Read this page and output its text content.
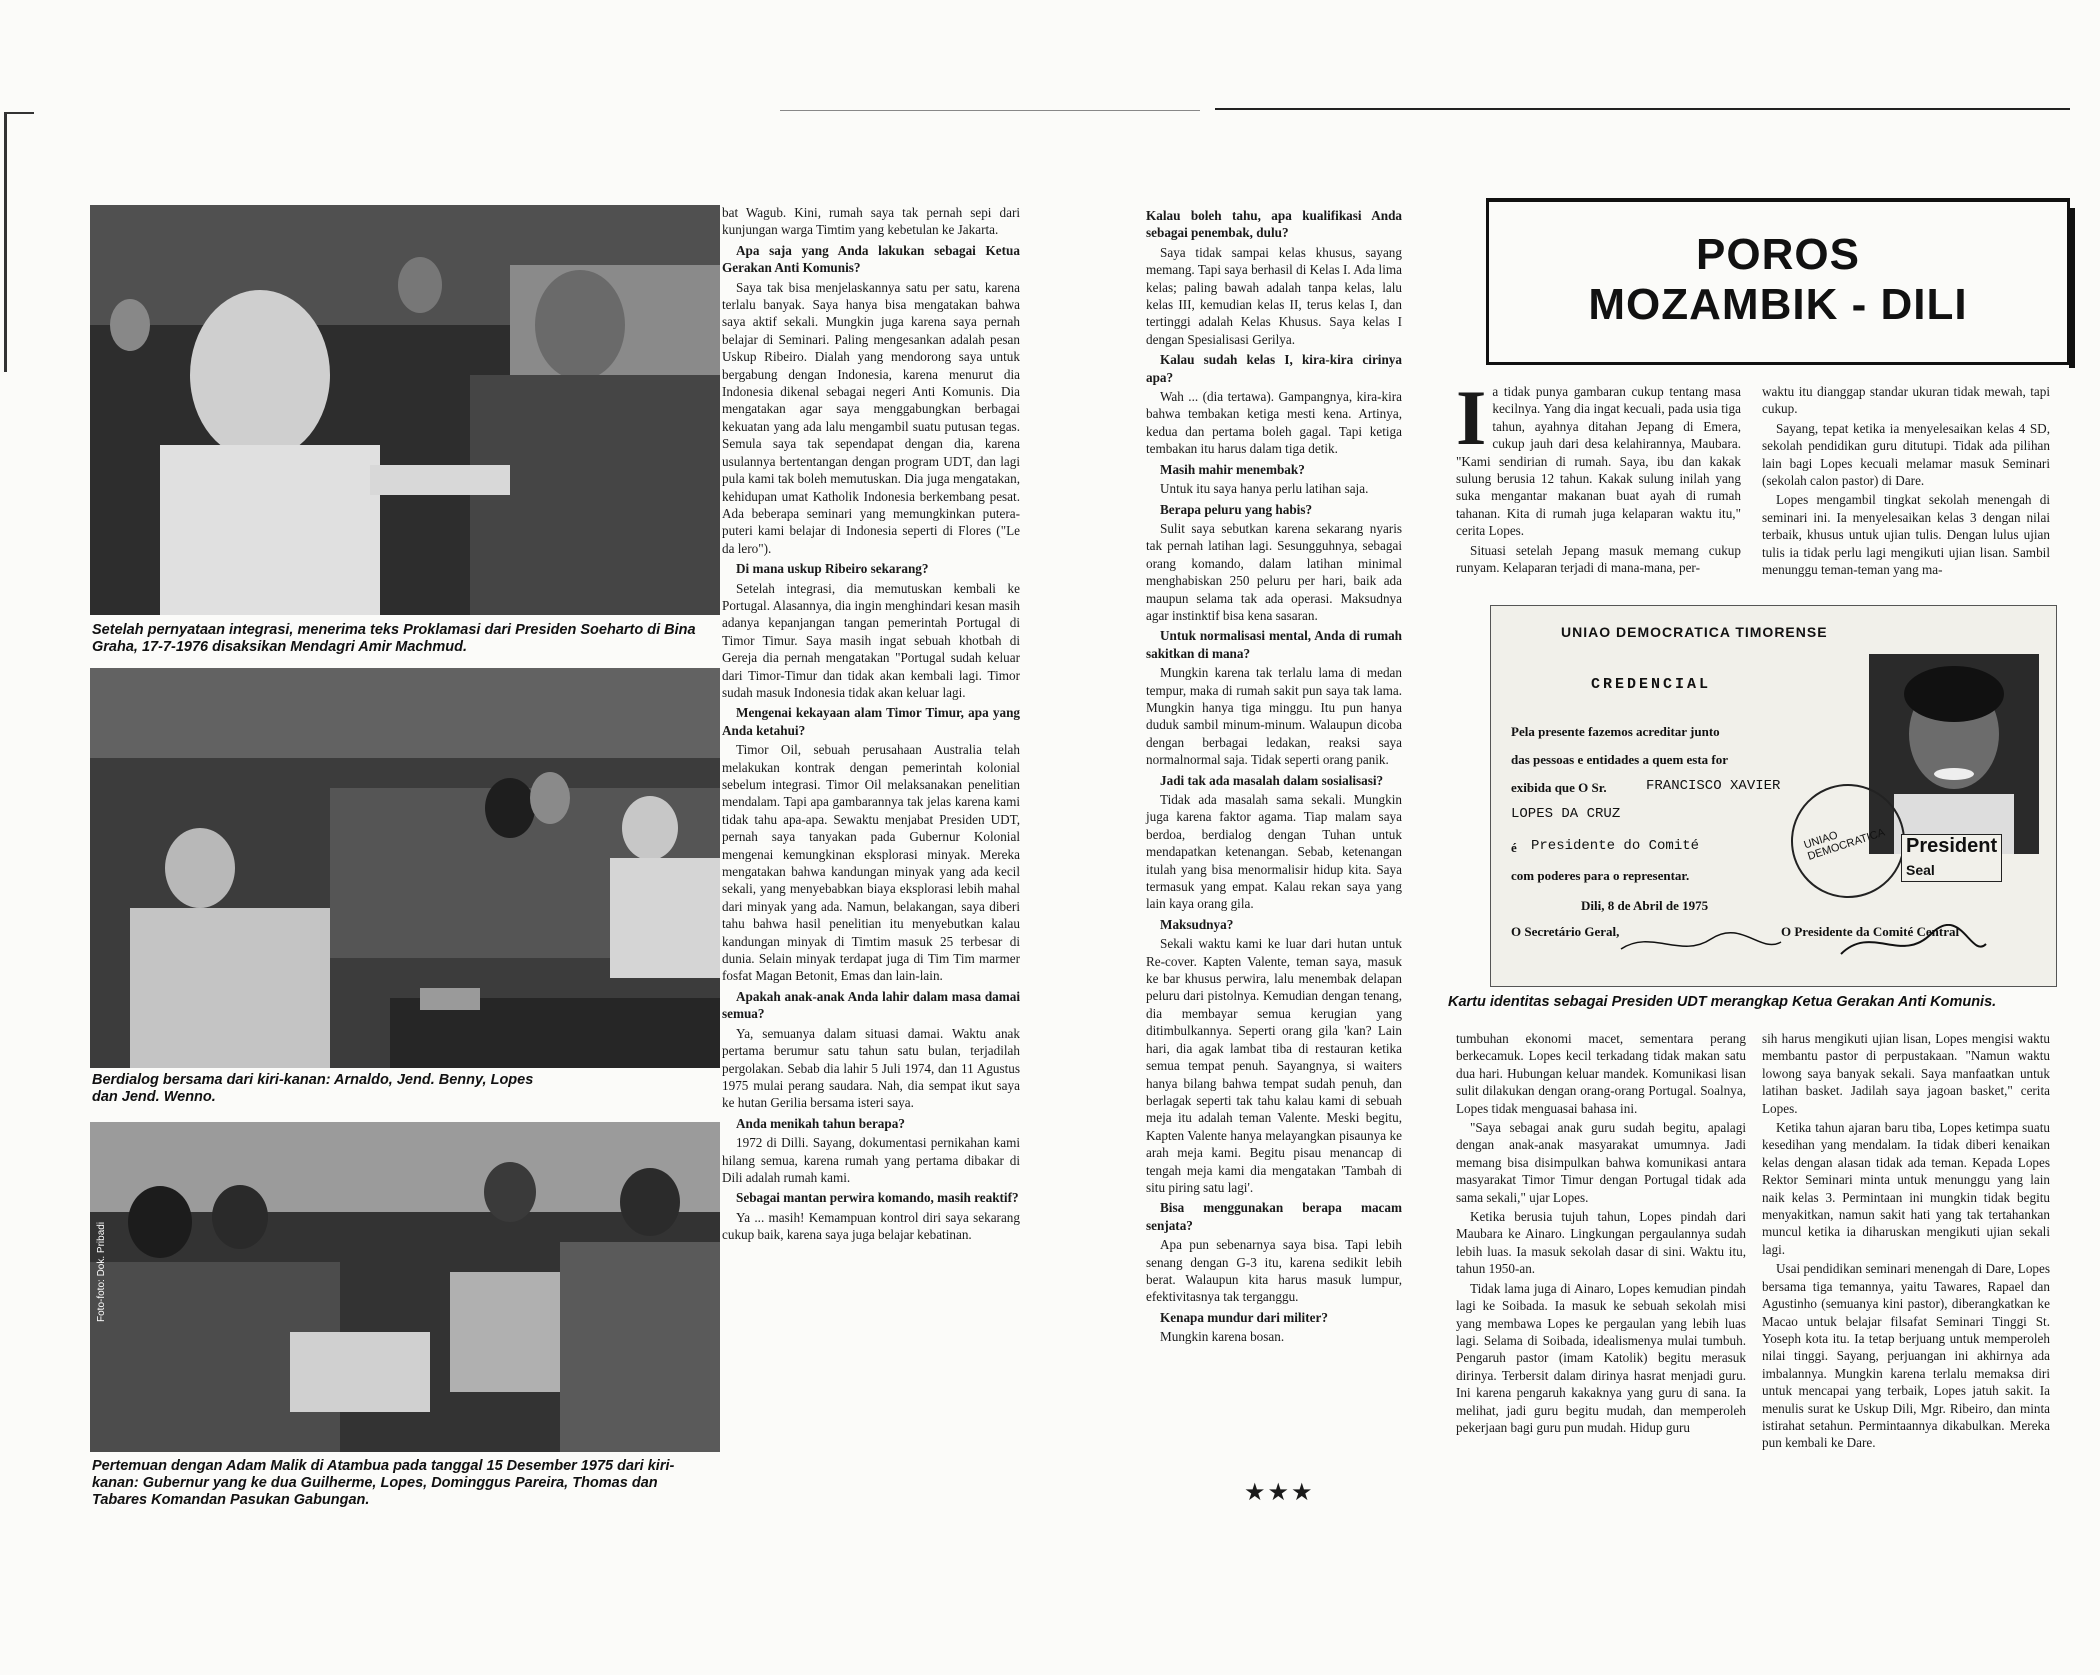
Setelah pernyataan integrasi, menerima teks Proklamasi dari Presiden Soeharto di Bina Graha, 17-7-1976 disaksikan Mendagri Amir Machmud.
Berdialog bersama dari kiri-kanan: Arnaldo, Jend. Benny, Lopes dan Jend. Wenno.
Pertemuan dengan Adam Malik di Atambua pada tanggal 15 Desember 1975 dari kiri-kanan: Gubernur yang ke dua Guilherme, Lopes, Dominggus Pareira, Thomas dan Tabares Komandan Pasukan Gabungan.

bat Wagub. Kini, rumah saya tak pernah sepi dari kunjungan warga Timtim yang kebetulan ke Jakarta.

Apa saja yang Anda lakukan sebagai Ketua Gerakan Anti Komunis?

Saya tak bisa menjelaskannya satu per satu, karena terlalu banyak. Saya hanya bisa mengatakan bahwa saya aktif sekali. Mungkin juga karena saya pernah belajar di Seminari. Paling mengesankan adalah pesan Uskup Ribeiro. Dialah yang mendorong saya untuk bergabung dengan Indonesia, karena menurut dia Indonesia dikenal sebagai negeri Anti Komunis. Dia mengatakan agar saya menggabungkan berbagai kekuatan yang ada lalu mengambil suatu putusan tegas. Semula saya tak sependapat dengan dia, karena usulannya bertentangan dengan program UDT, dan lagi pula kami tak boleh memutuskan. Dia juga mengatakan, kehidupan umat Katholik Indonesia berkembang pesat. Ada beberapa seminari yang memungkinkan putera-puteri kami belajar di Indonesia seperti di Flores ("Le da lero").

Di mana uskup Ribeiro sekarang?

Setelah integrasi, dia memutuskan kembali ke Portugal. Alasannya, dia ingin menghindari kesan masih adanya kepanjangan tangan pemerintah Portugal di Timor Timur. Saya masih ingat sebuah khotbah di Gereja dia pernah mengatakan "Portugal sudah keluar dari Timor-Timur dan tidak akan kembali lagi. Timor sudah masuk Indonesia tidak akan keluar lagi.

Mengenai kekayaan alam Timor Timur, apa yang Anda ketahui?

Timor Oil, sebuah perusahaan Australia telah melakukan kontrak dengan pemerintah kolonial sebelum integrasi. Timor Oil melaksanakan penelitian mendalam. Tapi apa gambarannya tak jelas karena kami tidak tahu apa-apa. Sewaktu menjabat Presiden UDT, pernah saya tanyakan pada Gubernur Kolonial mengenai kemungkinan eksplorasi minyak. Mereka mengatakan bahwa kandungan minyak yang ada kecil sekali, yang menyebabkan biaya eksplorasi lebih mahal dari minyak yang ada. Namun, belakangan, saya diberi tahu bahwa hasil penelitian itu menyebutkan kalau kandungan minyak di Timtim masuk 25 terbesar di dunia. Selain minyak terdapat juga di Tim Tim marmer fosfat Magan Betonit, Emas dan lain-lain.

Apakah anak-anak Anda lahir dalam masa damai semua?

Ya, semuanya dalam situasi damai. Waktu anak pertama berumur satu tahun satu bulan, terjadilah pergolakan. Sebab dia lahir 5 Juli 1974, dan 11 Agustus 1975 mulai perang saudara. Nah, dia sempat ikut saya ke hutan Gerilia bersama isteri saya.

Anda menikah tahun berapa?

1972 di Dilli. Sayang, dokumentasi pernikahan kami hilang semua, karena rumah yang pertama dibakar di Dili adalah rumah kami.

Sebagai mantan perwira komando, masih reaktif?

Ya ... masih! Kemampuan kontrol diri saya sekarang cukup baik, karena saya juga belajar kebatinan.

Kalau boleh tahu, apa kualifikasi Anda sebagai penembak, dulu?

Saya tidak sampai kelas khusus, sayang memang. Tapi saya berhasil di Kelas I. Ada lima kelas; paling bawah adalah tanpa kelas, lalu kelas III, kemudian kelas II, terus kelas I, dan tertinggi adalah Kelas Khusus. Saya kelas I dengan Spesialisasi Gerilya.

Kalau sudah kelas I, kira-kira cirinya apa?

Wah ... (dia tertawa). Gampangnya, kira-kira bahwa tembakan ketiga mesti kena. Artinya, kedua dan pertama boleh gagal. Tapi ketiga tembakan itu harus dalam tiga detik.

Masih mahir menembak?

Untuk itu saya hanya perlu latihan saja.

Berapa peluru yang habis?

Sulit saya sebutkan karena sekarang nyaris tak pernah latihan lagi. Sesungguhnya, sebagai orang komando, dalam latihan minimal menghabiskan 250 peluru per hari, baik ada maupun selama tak ada operasi. Maksudnya agar instinktif bisa kena sasaran.

Untuk normalisasi mental, Anda di rumah sakitkan di mana?

Mungkin karena tak terlalu lama di medan tempur, maka di rumah sakit pun saya tak lama. Mungkin hanya tiga minggu. Itu pun hanya duduk sambil minum-minum. Walaupun dicoba dengan berbagai ledakan, reaksi saya normalnormal saja. Tidak seperti orang panik.

Jadi tak ada masalah dalam sosialisasi?

Tidak ada masalah sama sekali. Mungkin juga karena faktor agama. Tiap malam saya berdoa, berdialog dengan Tuhan untuk mendapatkan ketenangan. Sebab, ketenangan itulah yang bisa menormalisir hidup kita. Saya termasuk yang empat. Kalau rekan saya yang lain kaya orang gila.

Maksudnya?

Sekali waktu kami ke luar dari hutan untuk Re-cover. Kapten Valente, teman saya, masuk ke bar khusus perwira, lalu menembak delapan peluru dari pistolnya. Kemudian dengan tenang, dia membayar semua kerugian yang ditimbulkannya. Seperti orang gila 'kan? Lain hari, dia agak lambat tiba di restauran ketika semua tempat penuh. Sayangnya, si waiters hanya bilang bahwa tempat sudah penuh, dan berlagak seperti tak tahu kalau kami di sebuah meja itu adalah teman Valente. Meski begitu, Kapten Valente hanya melayangkan pisaunya ke arah meja kami. Begitu pisau menancap di tengah meja kami dia mengatakan 'Tambah di situ piring satu lagi'.

Bisa menggunakan berapa macam senjata?

Apa pun sebenarnya saya bisa. Tapi lebih senang dengan G-3 itu, karena sedikit lebih berat. Walaupun kita harus masuk lumpur, efektivitasnya tak terganggu.

Kenapa mundur dari militer?

Mungkin karena bosan.

★★★
POROS
MOZAMBIK - DILI

Ia tidak punya gambaran cukup tentang masa kecilnya. Yang dia ingat kecuali, pada usia tiga tahun, ayahnya ditahan Jepang di Emera, cukup jauh dari desa kelahirannya, Maubara. "Kami sendirian di rumah. Saya, ibu dan kakak sulung berusia 12 tahun. Kakak sulung inilah yang suka mengantar makanan buat ayah di rumah tahanan. Kita di rumah juga kelaparan waktu itu," cerita Lopes.

Situasi setelah Jepang masuk memang cukup runyam. Kelaparan terjadi di mana-mana, per-

waktu itu dianggap standar ukuran tidak mewah, tapi cukup.

Sayang, tepat ketika ia menyelesaikan kelas 4 SD, sekolah pendidikan guru ditutupi. Tidak ada pilihan lain bagi Lopes kecuali melamar masuk Seminari (sekolah calon pastor) di Dare.

Lopes mengambil tingkat sekolah menengah di seminari ini. Ia menyelesaikan kelas 3 dengan nilai terbaik, khusus untuk ujian tulis. Dengan lulus ujian tulis ia tidak perlu lagi mengikuti ujian lisan. Sambil menunggu teman-teman yang ma-

UNIAO DEMOCRATICA TIMORENSE
CREDENCIAL
Pela presente fazemos acreditar junto
das pessoas e entidades a quem esta for
exibida que O Sr.	FRANCISCO XAVIER
LOPES DA CRUZ
é Presidente do Comité
com poderes para o representar.
Dili, 8 de Abril de 1975
O Secretário Geral,	O Presidente da Comité Central
UNIAO DEMOCRATICA President
Seal
Kartu identitas sebagai Presiden UDT merangkap Ketua Gerakan Anti Komunis.

tumbuhan ekonomi macet, sementara perang berkecamuk. Lopes kecil terkadang tidak makan satu dua hari. Hubungan keluar mandek. Komunikasi lisan sulit dilakukan dengan orang-orang Portugal. Soalnya, Lopes tidak menguasai bahasa ini.

"Saya sebagai anak guru sudah begitu, apalagi dengan anak-anak masyarakat umumnya. Jadi memang bisa disimpulkan bahwa komunikasi antara masyarakat Timor Timur dengan Portugal tidak ada sama sekali," ujar Lopes.

Ketika berusia tujuh tahun, Lopes pindah dari Maubara ke Ainaro. Lingkungan pergaulannya sudah lebih luas. Ia masuk sekolah dasar di sini. Waktu itu, tahun 1950-an.

Tidak lama juga di Ainaro, Lopes kemudian pindah lagi ke Soibada. Ia masuk ke sebuah sekolah misi yang membawa Lopes ke pergaulan yang lebih luas lagi. Selama di Soibada, idealismenya mulai tumbuh. Pengaruh pastor (imam Katolik) begitu merasuk dirinya. Terbersit dalam dirinya hasrat menjadi guru. Ini karena pengaruh kakaknya yang guru di sana. Ia melihat, jadi guru begitu mudah, dan memperoleh pekerjaan bagi guru pun mudah. Hidup guru

sih harus mengikuti ujian lisan, Lopes mengisi waktu membantu pastor di perpustakaan. "Namun waktu lowong saya banyak sekali. Saya manfaatkan untuk latihan basket. Jadilah saya jagoan basket," cerita Lopes.

Ketika tahun ajaran baru tiba, Lopes ketimpa suatu kesedihan yang mendalam. Ia tidak diberi kenaikan kelas dengan alasan tidak ada teman. Kepada Lopes Rektor Seminari minta untuk menunggu yang lain naik kelas 3. Permintaan ini mungkin tidak begitu menyakitkan, namun sakit hati yang tak tertahankan muncul ketika ia diharuskan mengikuti ujian sekali lagi.

Usai pendidikan seminari menengah di Dare, Lopes bersama tiga temannya, yaitu Tawares, Rapael dan Agustinho (semuanya kini pastor), diberangkatkan ke Macao untuk belajar filsafat Seminari Tinggi St. Yoseph kota itu. Ia tetap berjuang untuk memperoleh nilai tinggi. Sayang, perjuangan ini akhirnya ada imbalannya. Mungkin karena terlalu memaksa diri untuk mencapai yang terbaik, Lopes jatuh sakit. Ia menulis surat ke Uskup Dili, Mgr. Ribeiro, dan minta istirahat setahun. Permintaannya dikabulkan. Mereka pun kembali ke Dare.
